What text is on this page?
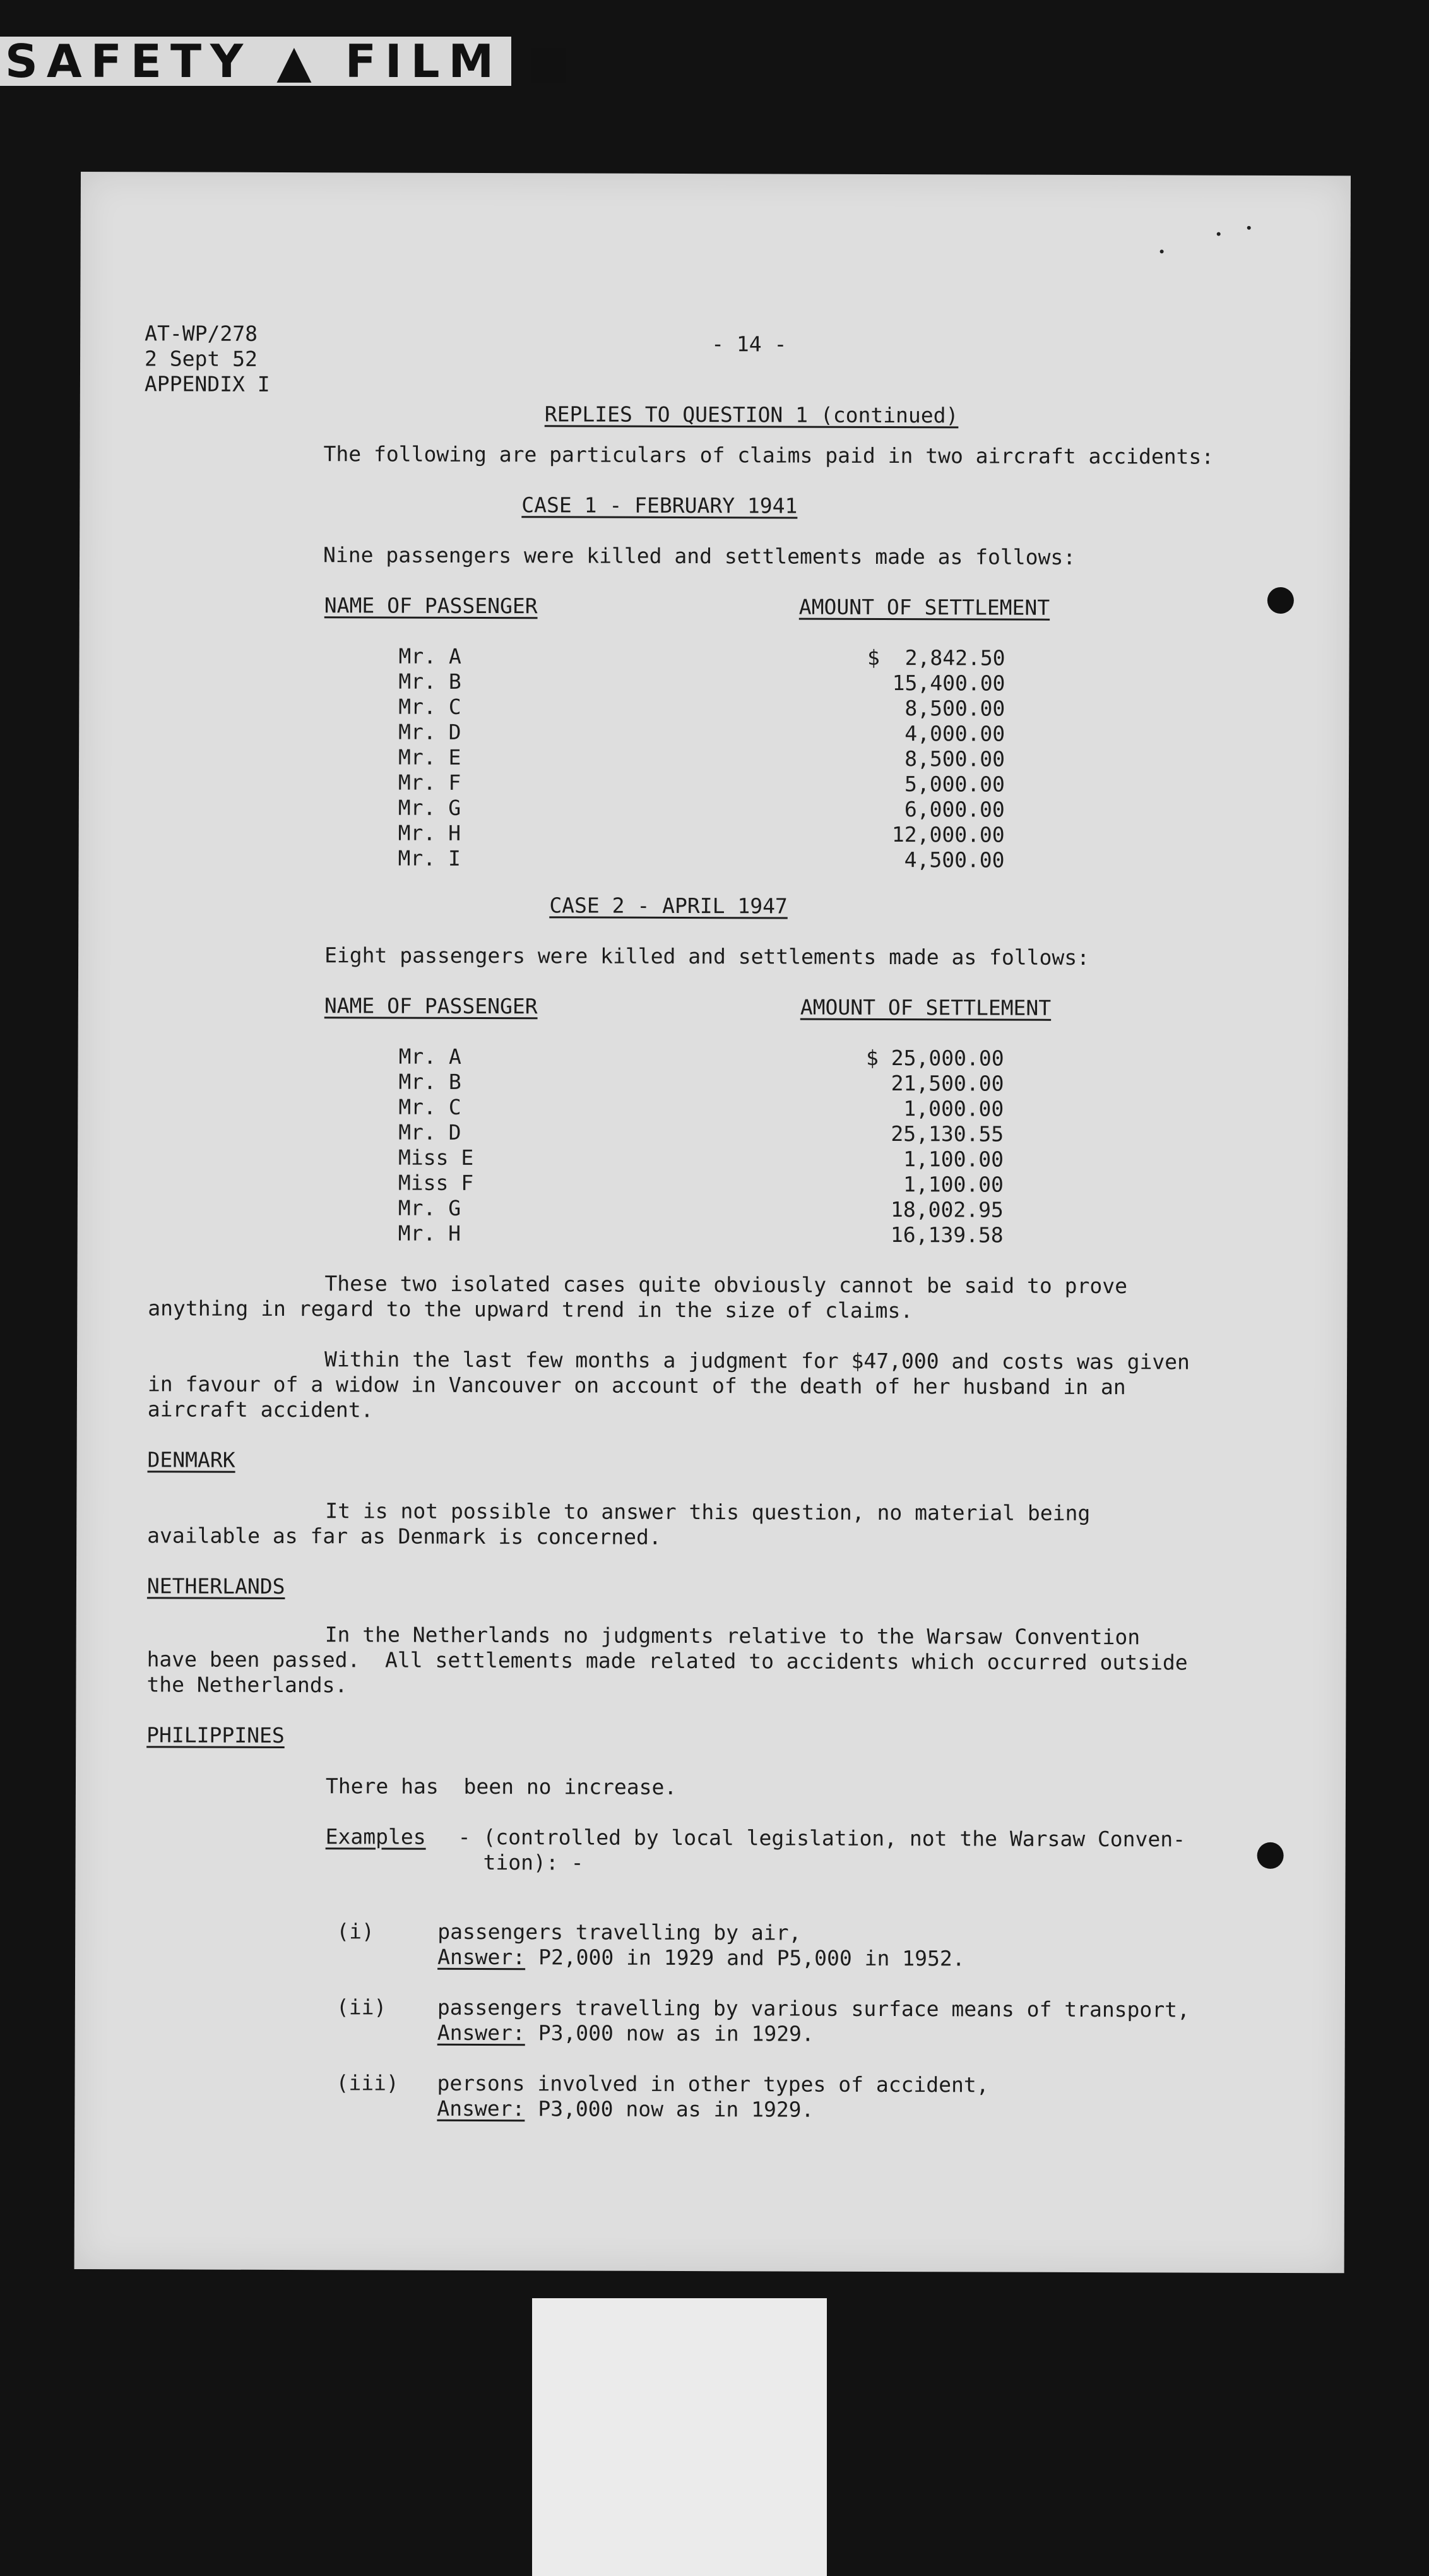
SAFETY ▲ FILM ■

AT-WP/278

2 Sept 52

APPENDIX I

- 14 -

REPLIES TO QUESTION 1 (continued)

The following are particulars of claims paid in two aircraft accidents:

CASE 1 - FEBRUARY 1941

Nine passengers were killed and settlements made as follows:

NAME OF PASSENGER	AMOUNT OF SETTLEMENT

Mr. A	$  2,842.50

Mr. B	15,400.00

Mr. C	8,500.00

Mr. D	4,000.00

Mr. E	8,500.00

Mr. F	5,000.00

Mr. G	6,000.00

Mr. H	12,000.00

Mr. I	4,500.00

CASE 2 - APRIL 1947

Eight passengers were killed and settlements made as follows:

NAME OF PASSENGER	AMOUNT OF SETTLEMENT

Mr. A	$ 25,000.00

Mr. B	21,500.00

Mr. C	1,000.00

Mr. D	25,130.55

Miss E	1,100.00

Miss F	1,100.00

Mr. G	18,002.95

Mr. H	16,139.58

These two isolated cases quite obviously cannot be said to prove

anything in regard to the upward trend in the size of claims.

Within the last few months a judgment for $47,000 and costs was given

in favour of a widow in Vancouver on account of the death of her husband in an

aircraft accident.

DENMARK

It is not possible to answer this question, no material being

available as far as Denmark is concerned.

NETHERLANDS

In the Netherlands no judgments relative to the Warsaw Convention

have been passed.  All settlements made related to accidents which occurred outside

the Netherlands.

PHILIPPINES

There has  been no increase.

Examples - (controlled by local legislation, not the Warsaw Conven-

tion): -

(i)	passengers travelling by air,

Answer: P2,000 in 1929 and P5,000 in 1952.

(ii) passengers travelling by various surface means of transport,

Answer: P3,000 now as in 1929.

(iii) persons involved in other types of accident,

Answer: P3,000 now as in 1929.
